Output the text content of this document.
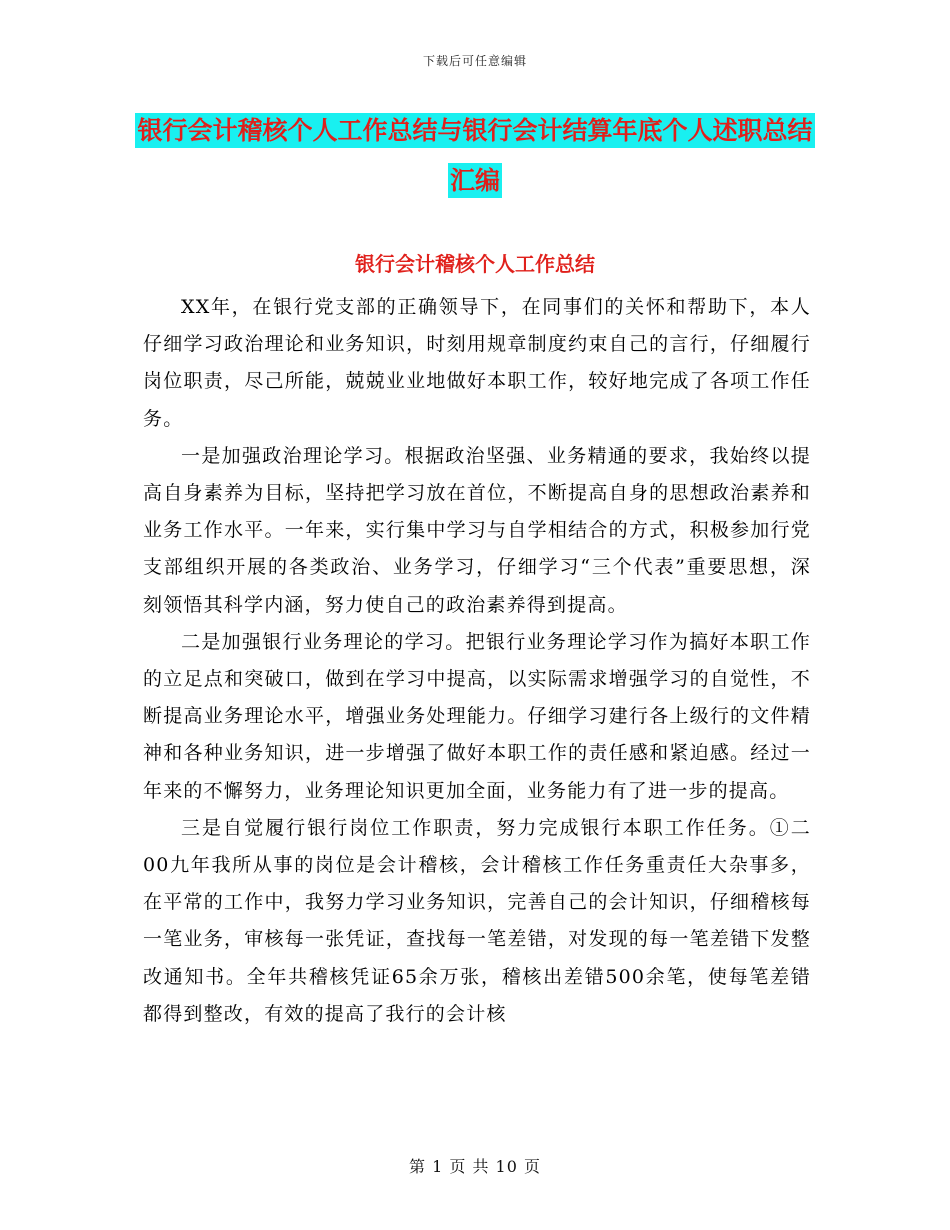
下载后可任意编辑
银行会计稽核个人工作总结与银行会计结算年底个人述职总结汇编
银行会计稽核个人工作总结

XX年，在银行党支部的正确领导下，在同事们的关怀和帮助下，本人仔细学习政治理论和业务知识，时刻用规章制度约束自己的言行，仔细履行岗位职责，尽己所能，兢兢业业地做好本职工作，较好地完成了各项工作任务。

一是加强政治理论学习。根据政治坚强、业务精通的要求，我始终以提高自身素养为目标，坚持把学习放在首位，不断提高自身的思想政治素养和业务工作水平。一年来，实行集中学习与自学相结合的方式，积极参加行党支部组织开展的各类政治、业务学习，仔细学习“三个代表”重要思想，深刻领悟其科学内涵，努力使自己的政治素养得到提高。

二是加强银行业务理论的学习。把银行业务理论学习作为搞好本职工作的立足点和突破口，做到在学习中提高，以实际需求增强学习的自觉性，不断提高业务理论水平，增强业务处理能力。仔细学习建行各上级行的文件精神和各种业务知识，进一步增强了做好本职工作的责任感和紧迫感。经过一年来的不懈努力，业务理论知识更加全面，业务能力有了进一步的提高。

三是自觉履行银行岗位工作职责，努力完成银行本职工作任务。①二00九年我所从事的岗位是会计稽核，会计稽核工作任务重责任大杂事多，在平常的工作中，我努力学习业务知识，完善自己的会计知识，仔细稽核每一笔业务，审核每一张凭证，查找每一笔差错，对发现的每一笔差错下发整改通知书。全年共稽核凭证65余万张，稽核出差错500余笔，使每笔差错都得到整改，有效的提高了我行的会计核

第 1 页 共 10 页
